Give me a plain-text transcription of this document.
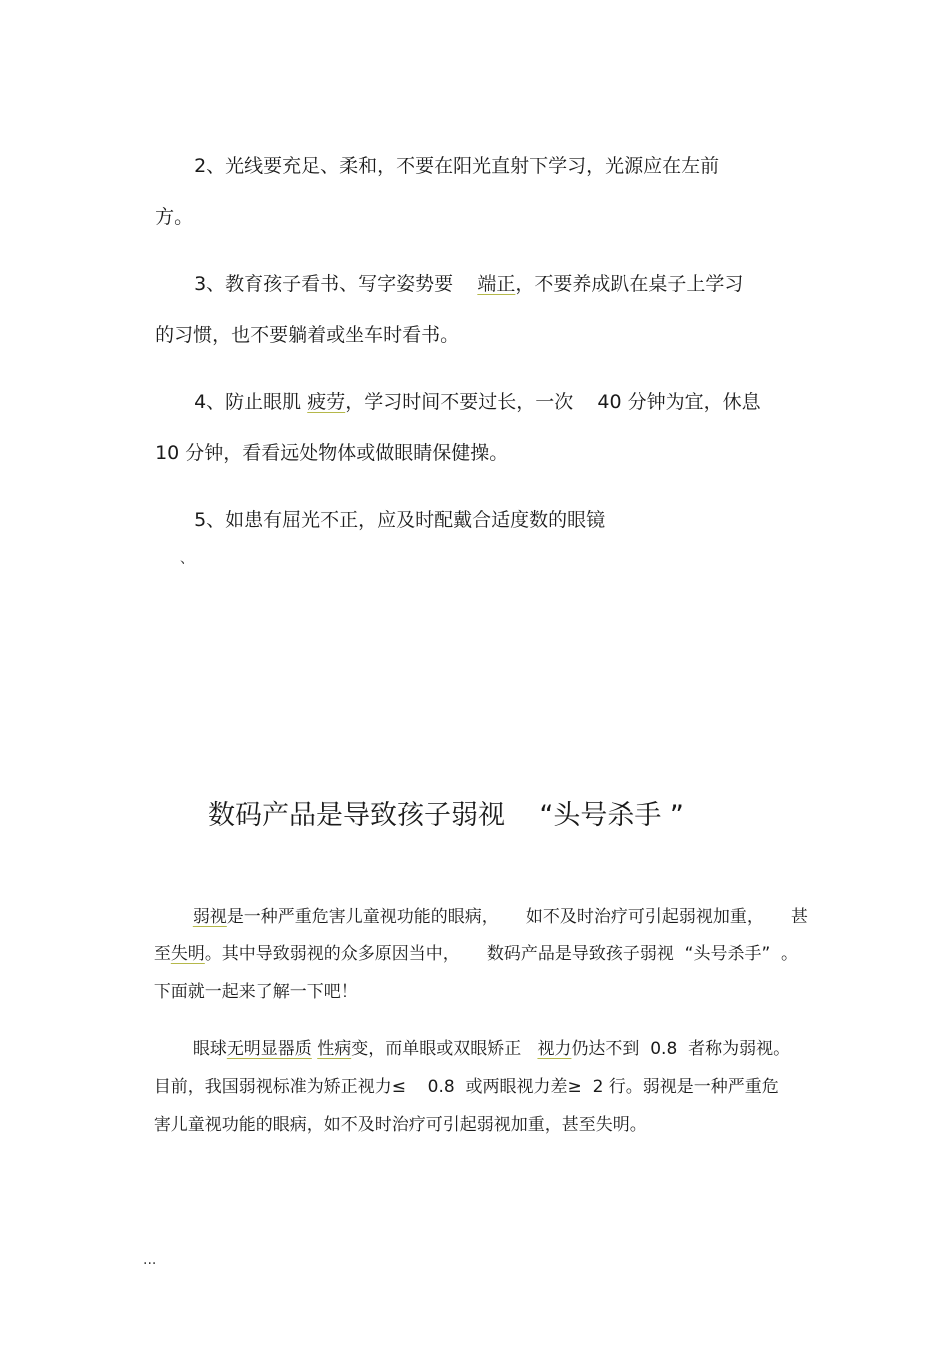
2、光线要充足、柔和，不要在阳光直射下学习，光源应在左前

方。

3、教育孩子看书、写字姿势要    端正，不要养成趴在桌子上学习

的习惯，也不要躺着或坐车时看书。

4、防止眼肌 疲劳，学习时间不要过长，一次    40 分钟为宜，休息

10 分钟，看看远处物体或做眼睛保健操。

5、如患有屈光不正，应及时配戴合适度数的眼镜

、
数码产品是导致孩子弱视    “头号杀手 ”

弱视是一种严重危害儿童视功能的眼病，     如不及时治疗可引起弱视加重，     甚

至失明。其中导致弱视的众多原因当中，     数码产品是导致孩子弱视  “头号杀手”  。

下面就一起来了解一下吧！

眼球无明显器质 性病变，而单眼或双眼矫正   视力仍达不到  0.8  者称为弱视。

目前，我国弱视标准为矫正视力≤    0.8  或两眼视力差≥  2 行。弱视是一种严重危

害儿童视功能的眼病，如不及时治疗可引起弱视加重，甚至失明。

...
